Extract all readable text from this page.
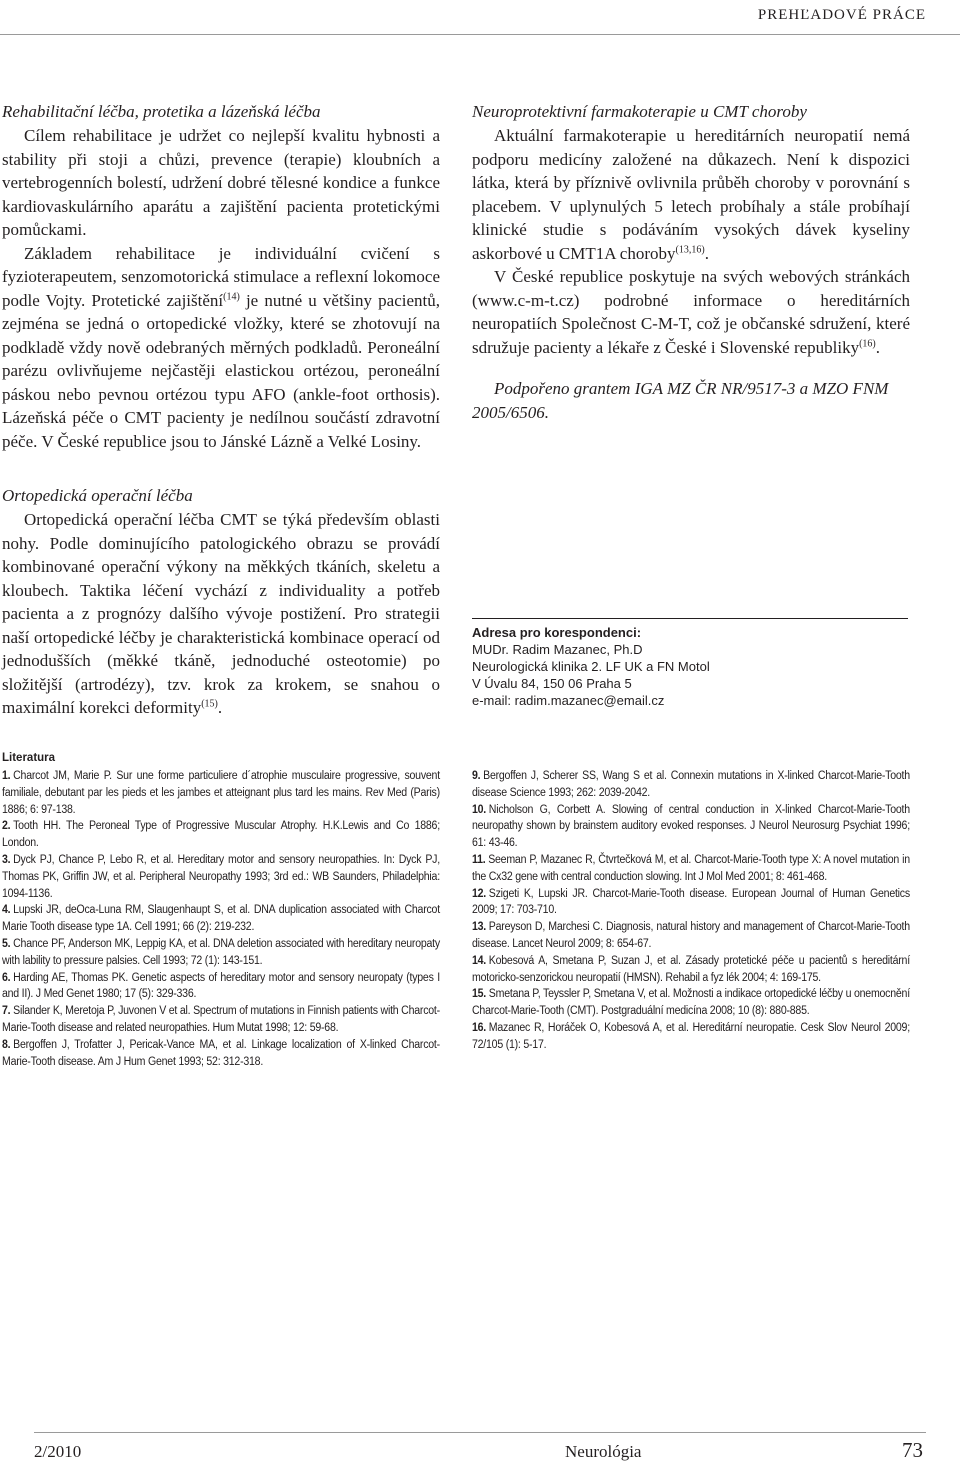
PREHĽADOVÉ PRÁCE
Rehabilitační léčba, protetika a lázeňská léčba

Cílem rehabilitace je udržet co nejlepší kvalitu hybnosti a stability při stoji a chůzi, prevence (terapie) kloubních a vertebrogenních bolestí, udržení dobré tělesné kondice a funkce kardiovaskulárního aparátu a zajištění pacienta protetickými pomůckami.

Základem rehabilitace je individuální cvičení s fyzioterapeutem, senzomotorická stimulace a reflexní lokomoce podle Vojty. Protetické zajištění$^{(14)}$ je nutné u většiny pacientů, zejména se jedná o ortopedické vložky, které se zhotovují na podkladě vždy nově odebraných měrných podkladů. Peroneální parézu ovlivňujeme nejčastěji elastickou ortézou, peroneální páskou nebo pevnou ortézou typu AFO (ankle-foot orthosis). Lázeňská péče o CMT pacienty je nedílnou součástí zdravotní péče. V České republice jsou to Jánské Lázně a Velké Losiny.

Ortopedická operační léčba

Ortopedická operační léčba CMT se týká především oblasti nohy. Podle dominujícího patologického obrazu se provádí kombinované operační výkony na měkkých tkáních, skeletu a kloubech. Taktika léčení vychází z individuality a potřeb pacienta a z prognózy dalšího vývoje postižení. Pro strategii naší ortopedické léčby je charakteristická kombinace operací od jednodušších (měkké tkáně, jednoduché osteotomie) po složitější (artrodézy), tzv. krok za krokem, se snahou o maximální korekci deformity$^{(15)}$.

Neuroprotektivní farmakoterapie u CMT choroby

Aktuální farmakoterapie u hereditárních neuropatií nemá podporu medicíny založené na důkazech. Není k dispozici látka, která by příznivě ovlivnila průběh choroby v porovnání s placebem. V uplynulých 5 letech probíhaly a stále probíhají klinické studie s podáváním vysokých dávek kyseliny askorbové u CMT1A choroby$^{(13,16)}$.

V České republice poskytuje na svých webových stránkách (www.c-m-t.cz) podrobné informace o hereditárních neuropatiích Společnost C-M-T, což je občanské sdružení, které sdružuje pacienty a lékaře z České i Slovenské republiky$^{(16)}$.

Podpořeno grantem IGA MZ ČR NR/9517-3 a MZO FNM 2005/6506.

Adresa pro korespondenci:
MUDr. Radim Mazanec, Ph.D
Neurologická klinika 2. LF UK a FN Motol
V Úvalu 84, 150 06 Praha 5
e-mail: radim.mazanec@email.cz
Literatura
1. Charcot JM, Marie P. Sur une forme particuliere d´atrophie musculaire progressive, souvent familiale, debutant par les pieds et les jambes et atteignant plus tard les mains. Rev Med (Paris) 1886; 6: 97-138.
2. Tooth HH. The Peroneal Type of Progressive Muscular Atrophy. H.K.Lewis and Co 1886; London.
3. Dyck PJ, Chance P, Lebo R, et al. Hereditary motor and sensory neuropathies. In: Dyck PJ, Thomas PK, Griffin JW, et al. Peripheral Neuropathy 1993; 3rd ed.: WB Saunders, Philadelphia: 1094-1136.
4. Lupski JR, deOca-Luna RM, Slaugenhaupt S, et al. DNA duplication associated with Charcot Marie Tooth disease type 1A. Cell 1991; 66 (2): 219-232.
5. Chance PF, Anderson MK, Leppig KA, et al. DNA deletion associated with hereditary neuropaty with lability to pressure palsies. Cell 1993; 72 (1): 143-151.
6. Harding AE, Thomas PK. Genetic aspects of hereditary motor and sensory neuropaty (types I and II). J Med Genet 1980; 17 (5): 329-336.
7. Silander K, Meretoja P, Juvonen V et al. Spectrum of mutations in Finnish patients with Charcot-Marie-Tooth disease and related neuropathies. Hum Mutat 1998; 12: 59-68.
8. Bergoffen J, Trofatter J, Pericak-Vance MA, et al. Linkage localization of X-linked Charcot-Marie-Tooth disease. Am J Hum Genet 1993; 52: 312-318.
9. Bergoffen J, Scherer SS, Wang S et al. Connexin mutations in X-linked Charcot-Marie-Tooth disease Science 1993; 262: 2039-2042.
10. Nicholson G, Corbett A. Slowing of central conduction in X-linked Charcot-Marie-Tooth neuropathy shown by brainstem auditory evoked responses. J Neurol Neurosurg Psychiat 1996; 61: 43-46.
11. Seeman P, Mazanec R, Čtvrtečková M, et al. Charcot-Marie-Tooth type X: A novel mutation in the Cx32 gene with central conduction slowing. Int J Mol Med 2001; 8: 461-468.
12. Szigeti K, Lupski JR. Charcot-Marie-Tooth disease. European Journal of Human Genetics 2009; 17: 703-710.
13. Pareyson D, Marchesi C. Diagnosis, natural history and management of Charcot-Marie-Tooth disease. Lancet Neurol 2009; 8: 654-67.
14. Kobesová A, Smetana P, Suzan J, et al. Zásady protetické péče u pacientů s hereditární motoricko-senzorickou neuropatií (HMSN). Rehabil a fyz lék 2004; 4: 169-175.
15. Smetana P, Teyssler P, Smetana V, et al. Možnosti a indikace ortopedické léčby u onemocnění Charcot-Marie-Tooth (CMT). Postgraduální medicína 2008; 10 (8): 880-885.
16. Mazanec R, Horáček O, Kobesová A, et al. Hereditární neuropatie. Cesk Slov Neurol 2009; 72/105 (1): 5-17.
2/2010	Neurológia	73
